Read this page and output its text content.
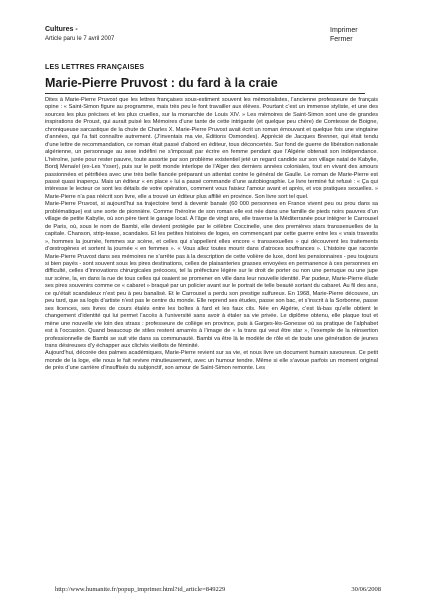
Cultures -
Article paru le 7 avril 2007
Imprimer
Fermer
LES LETTRES FRANÇAISES
Marie-Pierre Pruvost : du fard à la craie

Dites à Marie-Pierre Pruvost que les lettres françaises sous-estiment souvent les mémorialistes, l’ancienne professeure de français opine : « Saint-Simon figure au programme, mais très peu le font travailler aux élèves. Pourtant c’est un immense styliste, et une des sources les plus précises et les plus cruelles, sur la monarchie de Louis XIV. » Les mémoires de Saint-Simon sont une de grandes inspirations de Proust, qui aurait puisé les Mémoires d’une tante de cette intrigante (et quelque peu chère) de Comtesse de Boigne, chroniqueuse sarcastique de la chute de Charles X. Marie-Pierre Pruvost avait écrit un roman émouvant et quelque fois une vingtaine d’années, qui l’a fait connaître autrement. (J’inventais ma vie, Éditions Osmondes). Apprécié de Jacques Brenner, qui était tendu d’une lettre de recommandation, ce roman était passé d’abord en éditeur, tous déconcertés. Sur fond de guerre de libération nationale algérienne, un personnage au sexe indéfini ne s’imposait par écrire en femme pendant que l’Algérie obtenait son indépendance. L’héroïne, jurée pour rester pauvre, toute assortie par son problème existentiel jeté un regard candide sur son village natal de Kabylie, Bordj Menaïel (ex-Les Ysser), puis sur le petit monde interlope de l’Alger des derniers années coloniales, tout en vivant des amours passionnées et pétrifiées avec une très belle fiancée préparant un attentat contre le général de Gaulle. Le roman de Marie-Pierre est passé quasi inaperçu. Mais un éditeur « en place » lui a passé commande d’une autobiographie. Le livre terminé fut refusé : « Ça qui intéresse le lecteur ce sont les détails de votre opération, comment vous faisiez l’amour avant et après, et vos pratiques sexuelles. » Marie-Pierre n’a pas réécrit son livre, elle a trouvé un éditeur plus affilié en province. Son livre sort tel quel.

Marie-Pierre Pruvost, si aujourd’hui sa trajectoire tend à devenir banale (60 000 personnes en France vivent peu ou prou dans sa problématique) est une sorte de pionnière. Comme l’héroïne de son roman elle est née dans une famille de pieds noirs pauvres d’un village de petite Kabylie, où son père tient le garage local. À l’âge de vingt ans, elle traverse la Méditerranée pour intégrer le Carrousel de Paris, où, sous le nom de Bambi, elle devient protégée par le célèbre Coccinelle, une des premières stars transsexuelles de la capitale. Chanson, strip-tease, scandales. Et les petites histoires de loges, en commençant par cette guerre entre les « vrais travestis », hommes la journée, femmes sur scène, et celles qui s’appellent elles encore « transsexuelles » qui découvrent les traitements d’œstrogènes et sortent la journée « en femmes ». « Vous allez toutes mourir dans d’atroces souffrances ». L’histoire que raconte Marie-Pierre Pruvost dans ses mémoires ne s’arrête pas à la description de cette volière de luxe, dont les pensionnaires - peu toujours si bien payés - sont souvent sous les pires destinations, celles de plaisanteries grasses envoyées en permanence à ces personnes en difficulté, celles d’innovations chirurgicales précoces, tel la préfecture légère sur le droit de porter ou non une perruque ou une jupe sur scène, la, en dans la rue de tous celles qui osaient se promener en ville dans leur nouvelle identité. Par pudeur, Marie-Pierre élude ses pires souvenirs comme ce « cabaret » braqué par un policier avant sur le portrait de telle beauté sortant du cabaret. Au fil des ans, ce qu’était scandaleux n’est peu à peu banalisé. Et le Carrousel a perdu son prestige sulfureux. En 1968, Marie-Pierre découvre, un peu tard, que sa logis d’artiste n’est pas le centre du monde. Elle reprend ses études, passe son bac, et s’inscrit à la Sorbonne, passe ses licences, ses livres de cours étalés entre les boîtes à fard et les faux cils. Née en Algérie, c’est là-bas qu’elle obtient le changement d’identité qui lui permet l’accès à l’université sans avoir à étaler sa vie privée. Le diplôme obtenu, elle plaque tout et mène une nouvelle vie loin des strass : professeure de collège en province, puis à Garges-lès-Gonesse où sa pratique de l’alphabet est à l’occasion. Quand beaucoup de stiles restent amarrés à l’image de « la trans qui veut être star », l’exemple de la réinsertion professionnelle de Bambi se suit vite dans sa communauté. Bambi va être là le modèle de rôle et de toute une génération de jeunes trans désireuses d’y échapper aux clichés vieillots de féminité.

Aujourd’hui, décorée des palmes académiques, Marie-Pierre revient sur sa vie, et nous livre un document humain savoureux. Ce petit monde de la loge, elle nous le fait revivre minutieusement, avec un humour tendre. Même si elle s’avoue parfois un moment original de près d’une carrière d’insuffisés du subjonctif, son amour de Saint-Simon remonte. Les

http://www.humanite.fr/popup_imprimer.html?id_article=849229	30/06/2008
